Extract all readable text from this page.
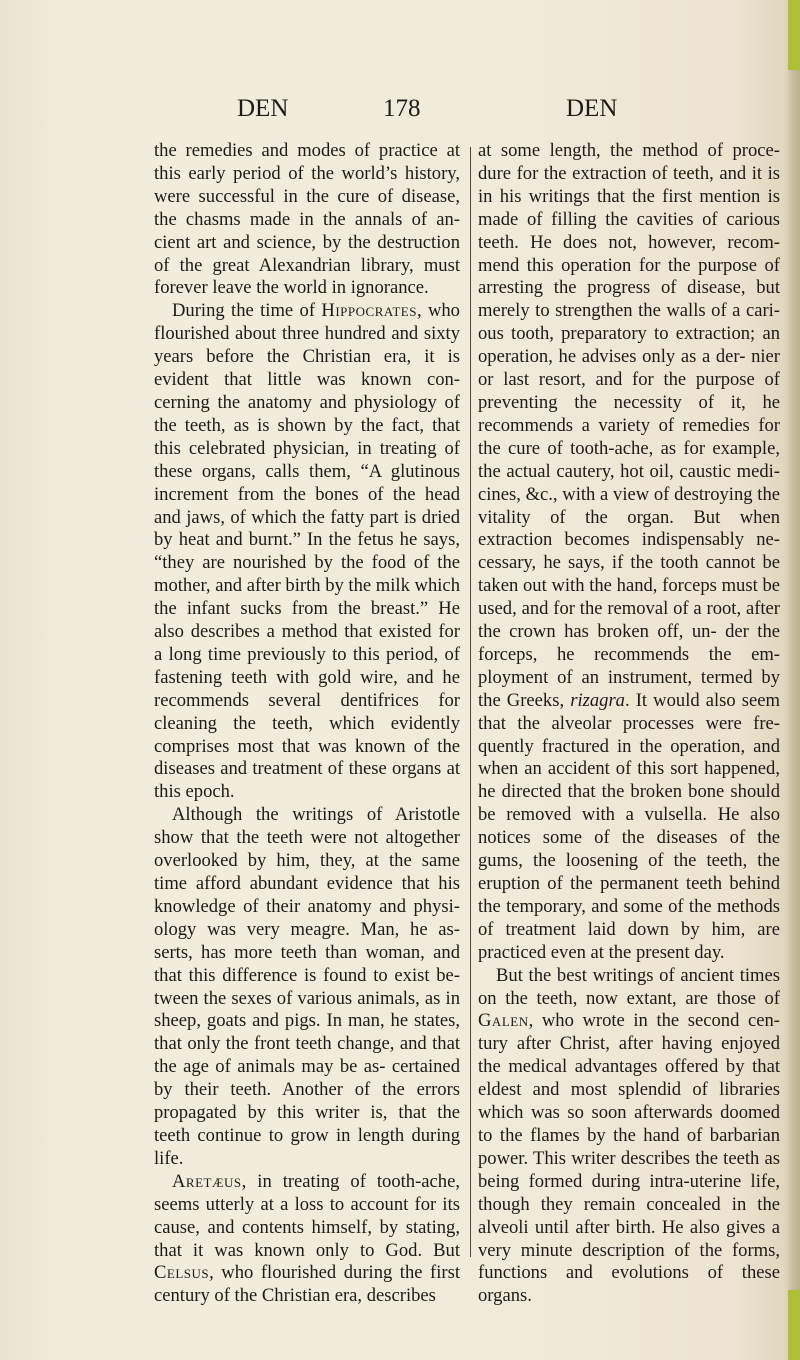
DEN	178	DEN

the remedies and modes of practice at this early period of the world’s history, were successful in the cure of disease, the chasms made in the annals of an- cient art and science, by the destruction of the great Alexandrian library, must forever leave the world in ignorance.

During the time of Hippocrates, who flourished about three hundred and sixty years before the Christian era, it is evident that little was known con- cerning the anatomy and physiology of the teeth, as is shown by the fact, that this celebrated physician, in treating of these organs, calls them, “A glutinous increment from the bones of the head and jaws, of which the fatty part is dried by heat and burnt.” In the fetus he says, “they are nourished by the food of the mother, and after birth by the milk which the infant sucks from the breast.” He also describes a method that existed for a long time previously to this period, of fastening teeth with gold wire, and he recommends several dentifrices for cleaning the teeth, which evidently comprises most that was known of the diseases and treatment of these organs at this epoch.

Although the writings of Aristotle show that the teeth were not altogether overlooked by him, they, at the same time afford abundant evidence that his knowledge of their anatomy and physi- ology was very meagre. Man, he as- serts, has more teeth than woman, and that this difference is found to exist be- tween the sexes of various animals, as in sheep, goats and pigs. In man, he states, that only the front teeth change, and that the age of animals may be as- certained by their teeth. Another of the errors propagated by this writer is, that the teeth continue to grow in length during life.

Aretæus, in treating of tooth-ache, seems utterly at a loss to account for its cause, and contents himself, by stating, that it was known only to God. But Celsus, who flourished during the first century of the Christian era, describes

at some length, the method of proce- dure for the extraction of teeth, and it is in his writings that the first mention is made of filling the cavities of carious teeth. He does not, however, recom- mend this operation for the purpose of arresting the progress of disease, but merely to strengthen the walls of a cari- ous tooth, preparatory to extraction; an operation, he advises only as a der- nier or last resort, and for the purpose of preventing the necessity of it, he recommends a variety of remedies for the cure of tooth-ache, as for example, the actual cautery, hot oil, caustic medi- cines, &c., with a view of destroying the vitality of the organ. But when extraction becomes indispensably ne- cessary, he says, if the tooth cannot be taken out with the hand, forceps must be used, and for the removal of a root, after the crown has broken off, un- der the forceps, he recommends the em- ployment of an instrument, termed by the Greeks, rizagra. It would also seem that the alveolar processes were fre- quently fractured in the operation, and when an accident of this sort happened, he directed that the broken bone should be removed with a vulsella. He also notices some of the diseases of the gums, the loosening of the teeth, the eruption of the permanent teeth behind the temporary, and some of the methods of treatment laid down by him, are practiced even at the present day.

But the best writings of ancient times on the teeth, now extant, are those of Galen, who wrote in the second cen- tury after Christ, after having enjoyed the medical advantages offered by that eldest and most splendid of libraries which was so soon afterwards doomed to the flames by the hand of barbarian power. This writer describes the teeth as being formed during intra-uterine life, though they remain concealed in the alveoli until after birth. He also gives a very minute description of the forms, functions and evolutions of these organs.
